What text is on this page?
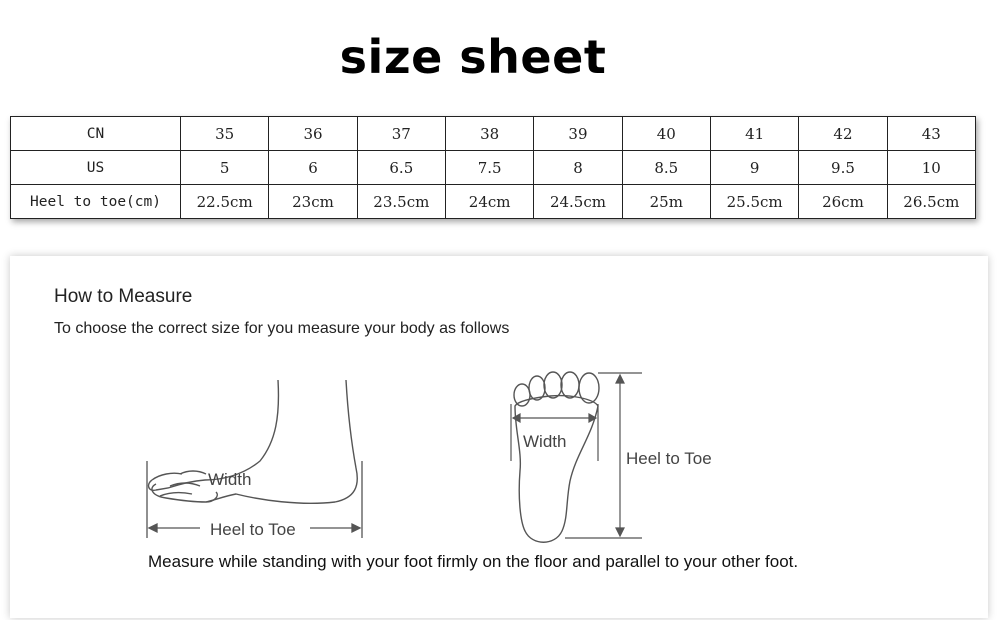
size sheet
CN	35	36	37	38	39	40	41	42	43
US	5	6	6.5	7.5	8	8.5	9	9.5	10
Heel to toe(cm)	22.5cm	23cm	23.5cm	24cm	24.5cm	25m	25.5cm	26cm	26.5cm
How to Measure
To choose the correct size for you measure your body as follows
Width
Heel to Toe
Width
Heel to Toe
Measure while standing with your foot firmly on the floor and parallel to your other foot.
